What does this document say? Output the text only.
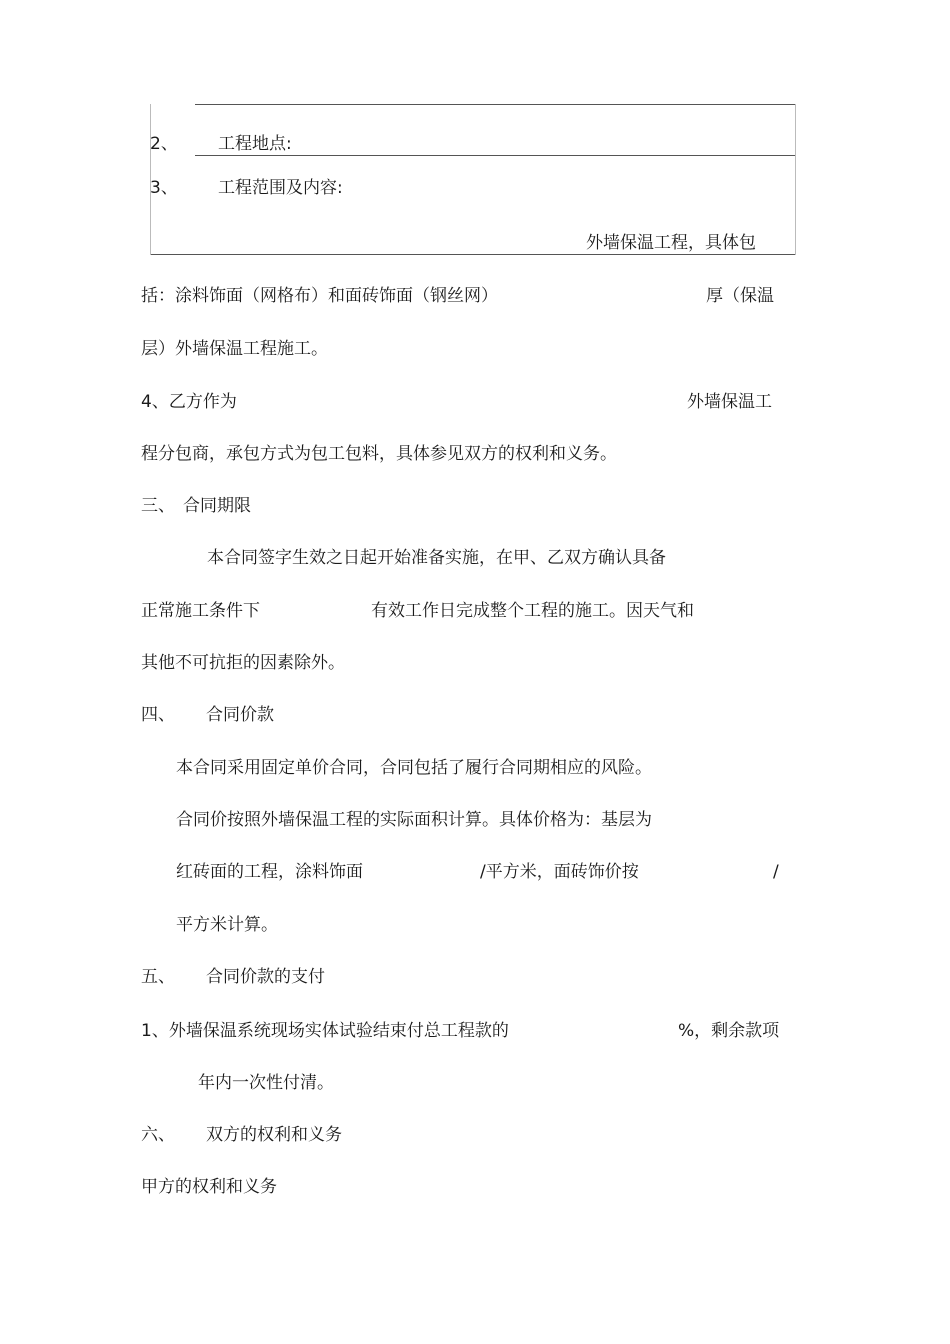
2、 工程地点:
3、 工程范围及内容:
外墙保温工程，具体包
括：涂料饰面（网格布）和面砖饰面（钢丝网）	厚（保温
层）外墙保温工程施工。
4、乙方作为	外墙保温工
程分包商，承包方式为包工包料，具体参见双方的权利和义务。
三、 合同期限
本合同签字生效之日起开始准备实施，在甲、乙双方确认具备
正常施工条件下	有效工作日完成整个工程的施工。因天气和
其他不可抗拒的因素除外。
四、 合同价款
本合同采用固定单价合同，合同包括了履行合同期相应的风险。
合同价按照外墙保温工程的实际面积计算。具体价格为：基层为
红砖面的工程，涂料饰面	/平方米，面砖饰价按	/
平方米计算。
五、 合同价款的支付
1、外墙保温系统现场实体试验结束付总工程款的	%，剩余款项
年内一次性付清。
六、 双方的权利和义务
甲方的权利和义务
